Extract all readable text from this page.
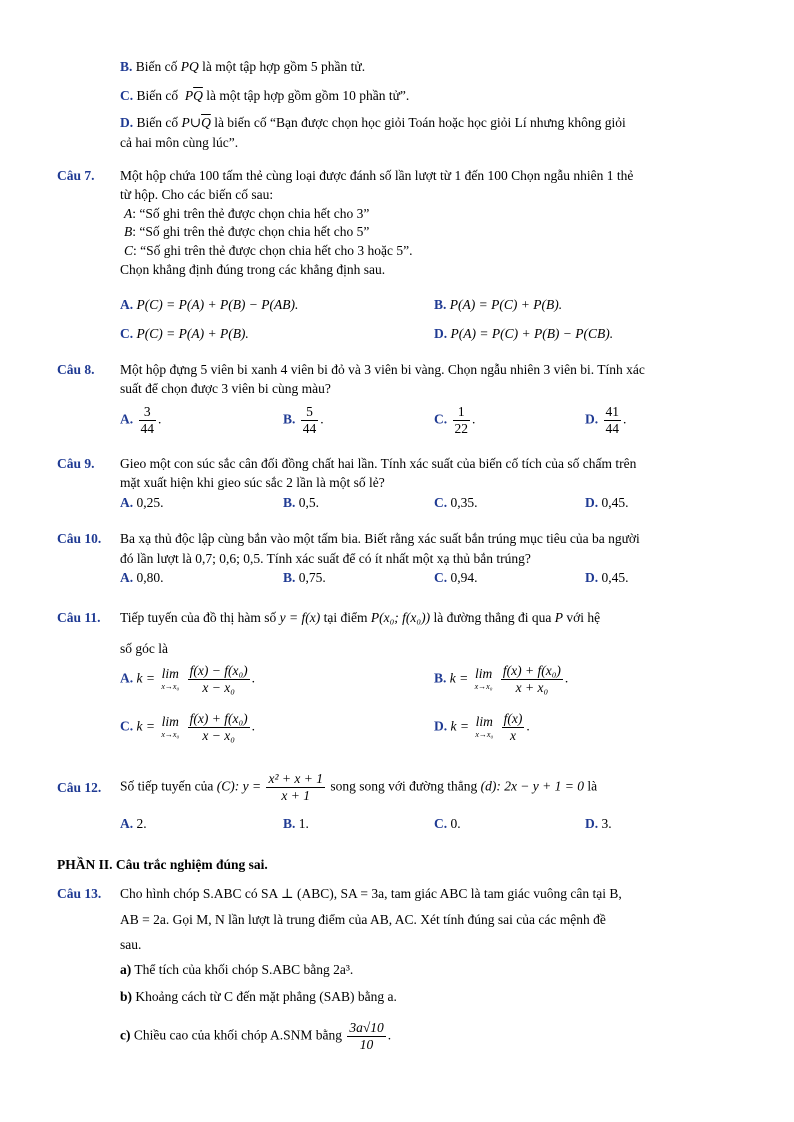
B. Biến cố PQ là một tập hợp gồm 5 phần tử.
C. Biến cố $P\overline{Q}$ là một tập hợp gồm gồm 10 phần tử”.
D. Biến cố $P\cup\overline{Q}$ là biến cố “Bạn được chọn học giỏi Toán hoặc học giỏi Lí nhưng không giỏi
cả hai môn cùng lúc”.
Câu 7. Một hộp chứa 100 tấm thẻ cùng loại được đánh số lần lượt từ 1 đến 100 Chọn ngẫu nhiên 1 thẻ
từ hộp. Cho các biến cố sau:
A: “Số ghi trên thẻ được chọn chia hết cho 3”
B: “Số ghi trên thẻ được chọn chia hết cho 5”
C: “Số ghi trên thẻ được chọn chia hết cho 3 hoặc 5”.
Chọn khẳng định đúng trong các khẳng định sau.
A. P(C) = P(A) + P(B) − P(AB).	B. P(A) = P(C) + P(B).
C. P(C) = P(A) + P(B).	D. P(A) = P(C) + P(B) − P(CB).
Câu 8. Một hộp đựng 5 viên bi xanh 4 viên bi đỏ và 3 viên bi vàng. Chọn ngẫu nhiên 3 viên bi. Tính xác
suất để chọn được 3 viên bi cùng màu?
A. $\frac{3}{44}$ .	B. $\frac{5}{44}$ .	C. $\frac{1}{22}$ .	D. $\frac{41}{44}$ .
Câu 9. Gieo một con súc sắc cân đối đồng chất hai lần. Tính xác suất của biến cố tích của số chấm trên
mặt xuất hiện khi gieo súc sắc 2 lần là một số lẻ?
A. 0,25.	B. 0,5.	C. 0,35.	D. 0,45.
Câu 10. Ba xạ thủ độc lập cùng bắn vào một tấm bia. Biết rằng xác suất bắn trúng mục tiêu của ba người
đó lần lượt là 0,7; 0,6; 0,5. Tính xác suất để có ít nhất một xạ thủ bắn trúng?
A. 0,80.	B. 0,75.	C. 0,94.	D. 0,45.
Câu 11. Tiếp tuyến của đồ thị hàm số y = f(x) tại điểm P(x₀; f(x₀)) là đường thẳng đi qua P với hệ
số góc là
A. k = lim
x→x₀
$\frac{\text{f(x) − f(x₀)}}{\text{x − x₀}}$ .	B. k = lim
x→x₀
$\frac{\text{f(x) + f(x₀)}}{\text{x + x₀}}$ .
C. k = lim
x→x₀
$\frac{\text{f(x) + f(x₀)}}{\text{x − x₀}}$ .	D. k = lim
x→x₀
$\frac{f(x)}{x}$ .
Câu 12. Số tiếp tuyến của (C): $y = \frac{\text{x² + x + 1}}{x + 1}$ song song với đường thẳng (d): 2x − y + 1 = 0 là
A. 2.	B. 1.	C. 0.	D. 3.
PHẦN II. Câu trắc nghiệm đúng sai.
Câu 13. Cho hình chóp S.ABC có SA ⊥ (ABC), SA = 3a, tam giác ABC là tam giác vuông cân tại B,
AB = 2a. Gọi M, N lần lượt là trung điểm của AB, AC. Xét tính đúng sai của các mệnh đề
sau.
a) Thể tích của khối chóp S.ABC bằng 2a³.
b) Khoảng cách từ C đến mặt phẳng (SAB) bằng a.
c) Chiều cao của khối chóp A.SNM bằng $\frac{3a√10}{10}$ .
